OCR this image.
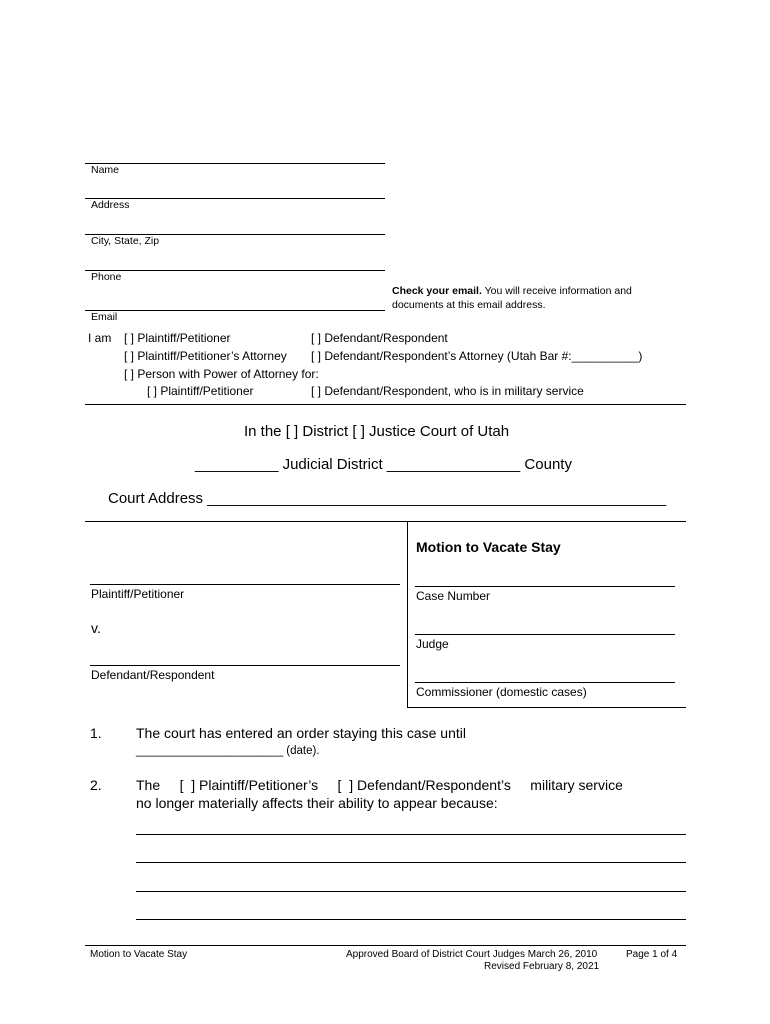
Name
Address
City, State, Zip
Phone
Check your email. You will receive information and
documents at this email address.
Email
I am [ ] Plaintiff/Petitioner	[ ] Defendant/Respondent
[ ] Plaintiff/Petitioner’s Attorney [ ] Defendant/Respondent’s Attorney (Utah Bar #:__________)
[ ] Person with Power of Attorney for:
[ ] Plaintiff/Petitioner	[ ] Defendant/Respondent, who is in military service
In the [ ] District [ ] Justice Court of Utah
__________ Judicial District ________________ County
Court Address _______________________________________________________
Motion to Vacate Stay
Plaintiff/Petitioner
v.
Defendant/Respondent
Case Number
Judge
Commissioner (domestic cases)
1. The court has entered an order staying this case until
_______________________ (date).
2. The     [  ] Plaintiff/Petitioner’s     [  ] Defendant/Respondent’s     military service
no longer materially affects their ability to appear because:
Motion to Vacate Stay	Approved Board of District Court Judges March 26, 2010
Revised February 8, 2021
Page 1 of 4
